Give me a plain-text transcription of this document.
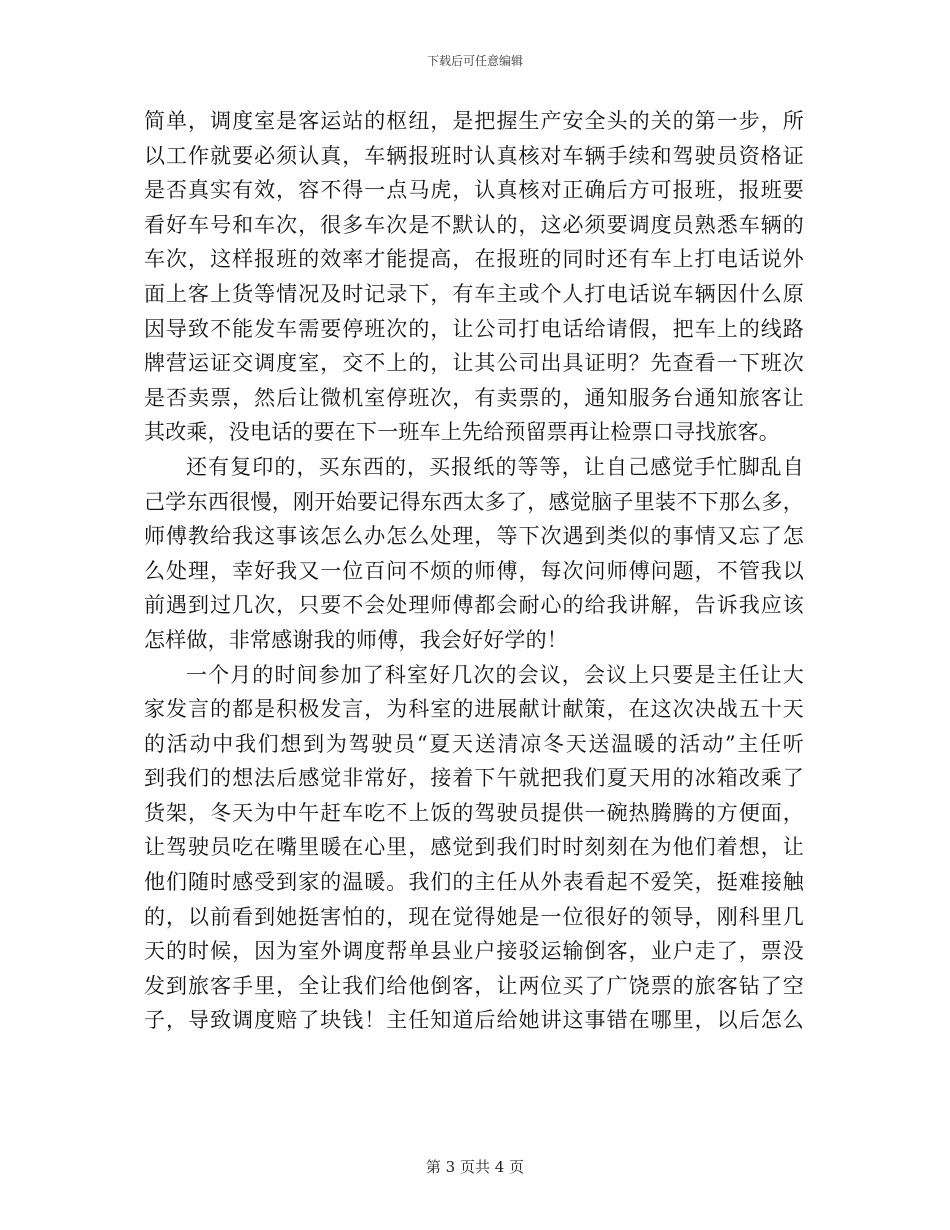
下载后可任意编辑
简单，调度室是客运站的枢纽，是把握生产安全头的关的第一步，所
以工作就要必须认真，车辆报班时认真核对车辆手续和驾驶员资格证
是否真实有效，容不得一点马虎，认真核对正确后方可报班，报班要
看好车号和车次，很多车次是不默认的，这必须要调度员熟悉车辆的
车次，这样报班的效率才能提高，在报班的同时还有车上打电话说外
面上客上货等情况及时记录下，有车主或个人打电话说车辆因什么原
因导致不能发车需要停班次的，让公司打电话给请假，把车上的线路
牌营运证交调度室，交不上的，让其公司出具证明？先查看一下班次
是否卖票，然后让微机室停班次，有卖票的，通知服务台通知旅客让
其改乘，没电话的要在下一班车上先给预留票再让检票口寻找旅客。
还有复印的，买东西的，买报纸的等等，让自己感觉手忙脚乱自
己学东西很慢，刚开始要记得东西太多了，感觉脑子里装不下那么多，
师傅教给我这事该怎么办怎么处理，等下次遇到类似的事情又忘了怎
么处理，幸好我又一位百问不烦的师傅，每次问师傅问题，不管我以
前遇到过几次，只要不会处理师傅都会耐心的给我讲解，告诉我应该
怎样做，非常感谢我的师傅，我会好好学的！
一个月的时间参加了科室好几次的会议，会议上只要是主任让大
家发言的都是积极发言，为科室的进展献计献策，在这次决战五十天
的活动中我们想到为驾驶员“夏天送清凉冬天送温暖的活动”主任听
到我们的想法后感觉非常好，接着下午就把我们夏天用的冰箱改乘了
货架，冬天为中午赶车吃不上饭的驾驶员提供一碗热腾腾的方便面，
让驾驶员吃在嘴里暖在心里，感觉到我们时时刻刻在为他们着想，让
他们随时感受到家的温暖。我们的主任从外表看起不爱笑，挺难接触
的，以前看到她挺害怕的，现在觉得她是一位很好的领导，刚科里几
天的时候，因为室外调度帮单县业户接驳运输倒客，业户走了，票没
发到旅客手里，全让我们给他倒客，让两位买了广饶票的旅客钻了空
子，导致调度赔了块钱！主任知道后给她讲这事错在哪里，以后怎么
第 3 页共 4 页
